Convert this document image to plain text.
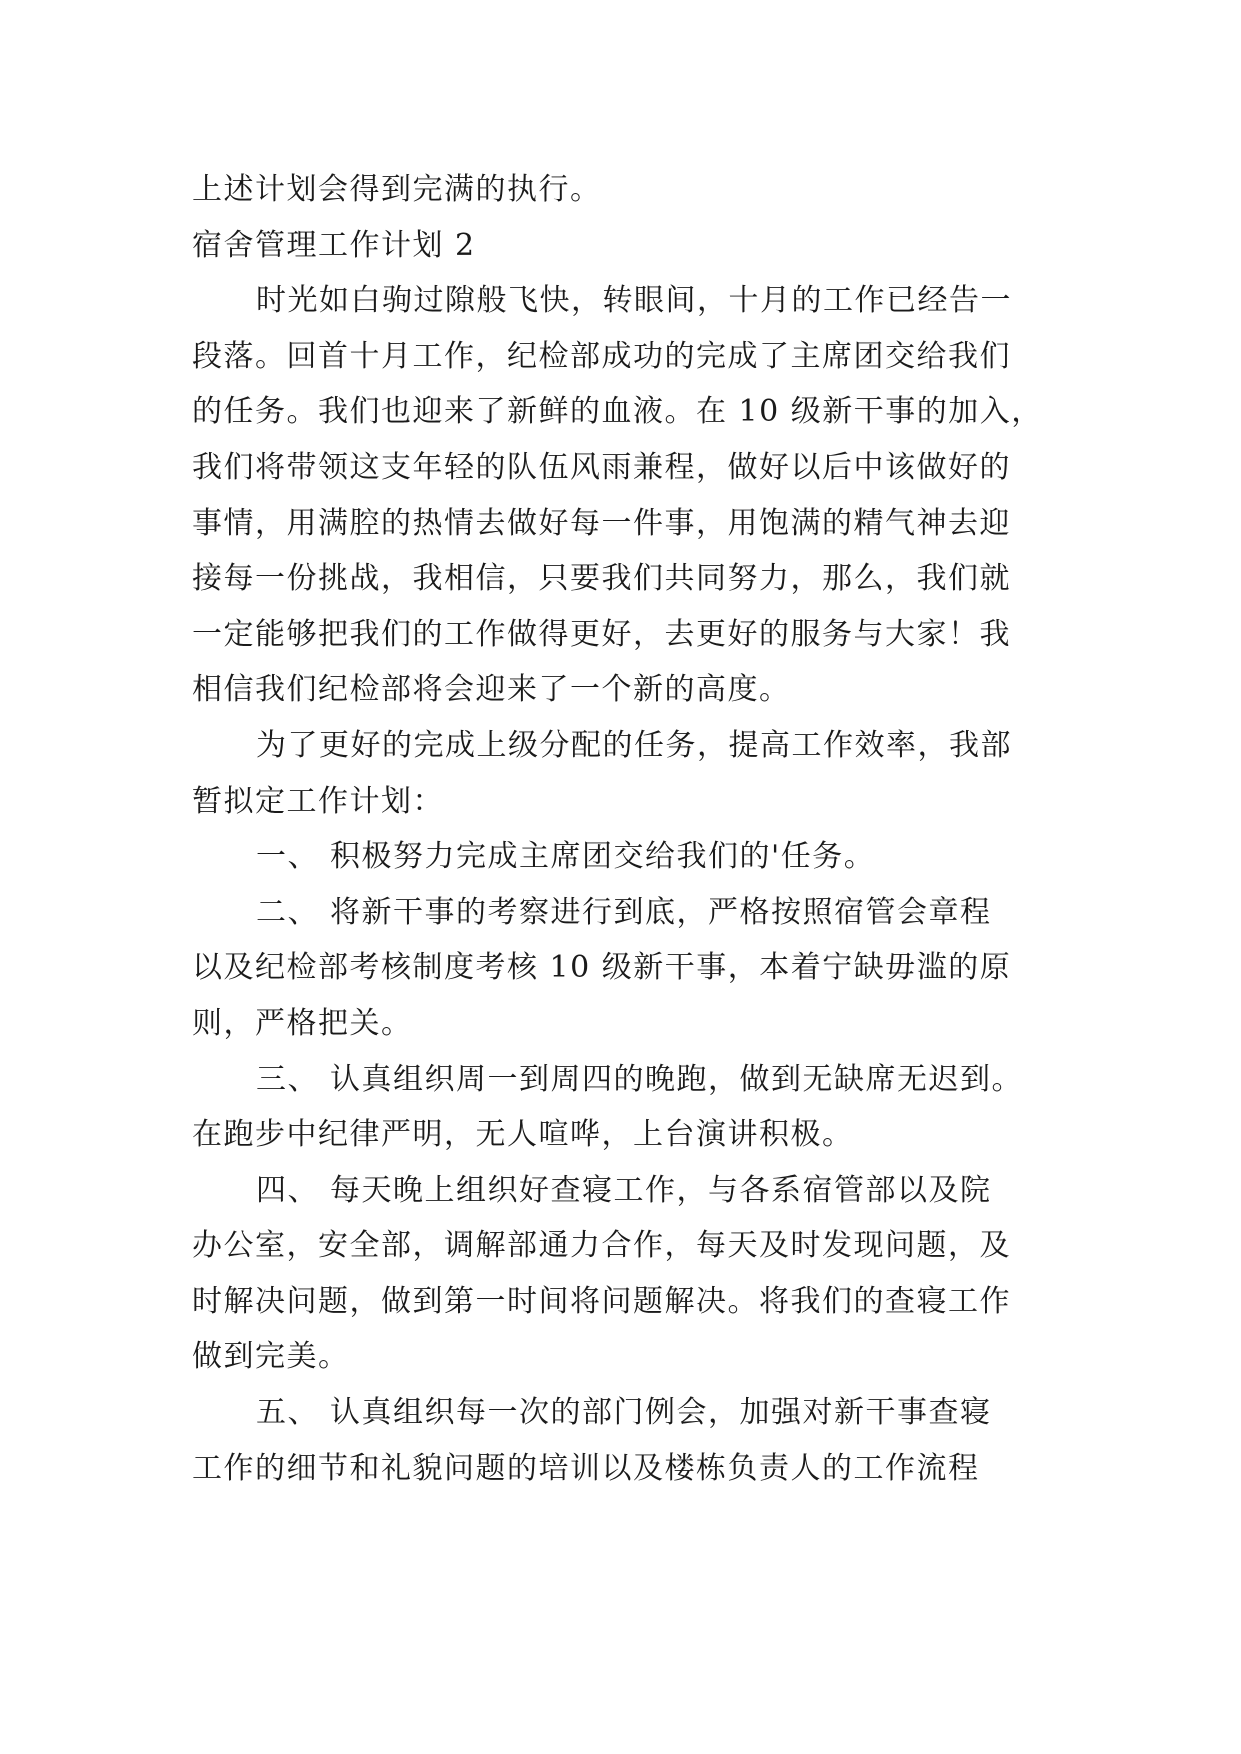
上述计划会得到完满的执行。
宿舍管理工作计划 2
时光如白驹过隙般飞快，转眼间，十月的工作已经告一
段落。回首十月工作，纪检部成功的完成了主席团交给我们
的任务。我们也迎来了新鲜的血液。在 10 级新干事的加入，
我们将带领这支年轻的队伍风雨兼程，做好以后中该做好的
事情，用满腔的热情去做好每一件事，用饱满的精气神去迎
接每一份挑战，我相信，只要我们共同努力，那么，我们就
一定能够把我们的工作做得更好，去更好的服务与大家！我
相信我们纪检部将会迎来了一个新的高度。
为了更好的完成上级分配的任务，提高工作效率，我部
暂拟定工作计划：
一、 积极努力完成主席团交给我们的'任务。
二、 将新干事的考察进行到底，严格按照宿管会章程
以及纪检部考核制度考核 10 级新干事，本着宁缺毋滥的原
则，严格把关。
三、 认真组织周一到周四的晚跑，做到无缺席无迟到。
在跑步中纪律严明，无人喧哗，上台演讲积极。
四、 每天晚上组织好查寝工作，与各系宿管部以及院
办公室，安全部，调解部通力合作，每天及时发现问题，及
时解决问题，做到第一时间将问题解决。将我们的查寝工作
做到完美。
五、 认真组织每一次的部门例会，加强对新干事查寝
工作的细节和礼貌问题的培训以及楼栋负责人的工作流程
